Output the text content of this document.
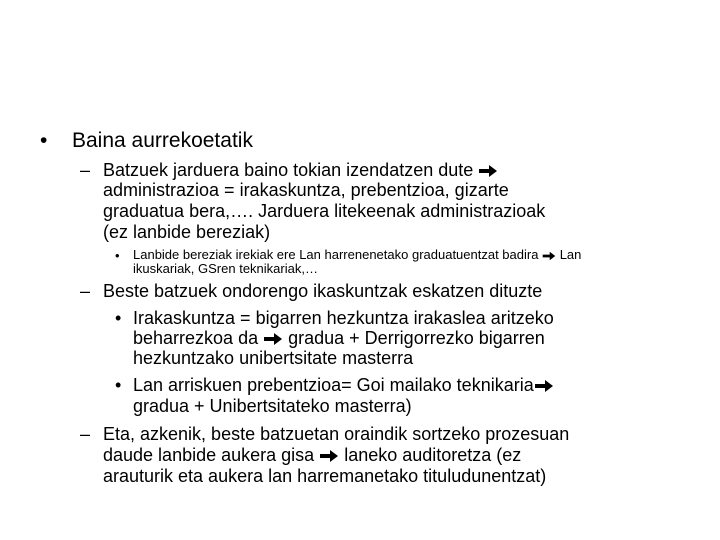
• Baina aurrekoetatik
– Batzuek jarduera baino tokian izendatzen dute
administrazioa = irakaskuntza, prebentzioa, gizarte
graduatua bera,…. Jarduera litekeenak administrazioak
(ez lanbide bereziak)
• Lanbide bereziak irekiak ere Lan harrenenetako graduatuentzat badira Lan
ikuskariak, GSren teknikariak,…
– Beste batzuek ondorengo ikaskuntzak eskatzen dituzte
• Irakaskuntza = bigarren hezkuntza irakaslea aritzeko
beharrezkoa da gradua + Derrigorrezko bigarren
hezkuntzako unibertsitate masterra
• Lan arriskuen prebentzioa= Goi mailako teknikaria
gradua + Unibertsitateko masterra)
– Eta, azkenik, beste batzuetan oraindik sortzeko prozesuan
daude lanbide aukera gisa laneko auditoretza (ez
arauturik eta aukera lan harremanetako tituludunentzat)
